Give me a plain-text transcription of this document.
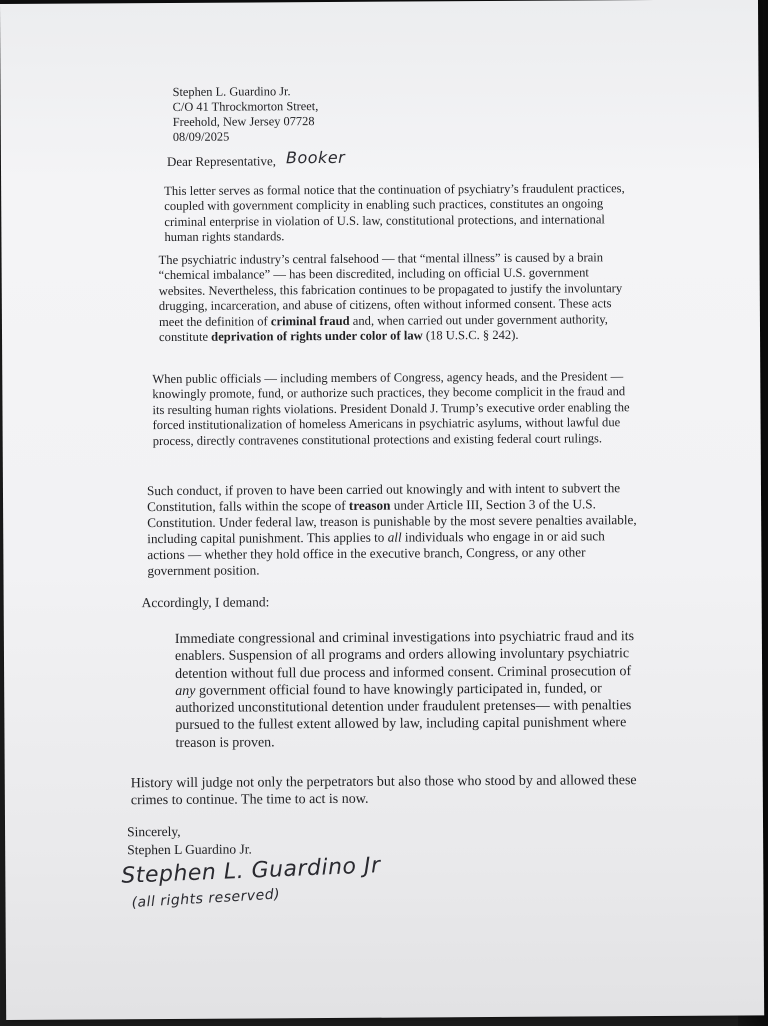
Stephen L. Guardino Jr.
C/O 41 Throckmorton Street,
Freehold, New Jersey 07728
08/09/2025
Dear Representative, Booker

This letter serves as formal notice that the continuation of psychiatry’s fraudulent practices, coupled with government complicity in enabling such practices, constitutes an ongoing criminal enterprise in violation of U.S. law, constitutional protections, and international human rights standards.

The psychiatric industry’s central falsehood — that “mental illness” is caused by a brain “chemical imbalance” — has been discredited, including on official U.S. government websites. Nevertheless, this fabrication continues to be propagated to justify the involuntary drugging, incarceration, and abuse of citizens, often without informed consent. These acts meet the definition of criminal fraud and, when carried out under government authority, constitute deprivation of rights under color of law (18 U.S.C. § 242).

When public officials — including members of Congress, agency heads, and the President — knowingly promote, fund, or authorize such practices, they become complicit in the fraud and its resulting human rights violations. President Donald J. Trump’s executive order enabling the forced institutionalization of homeless Americans in psychiatric asylums, without lawful due process, directly contravenes constitutional protections and existing federal court rulings.

Such conduct, if proven to have been carried out knowingly and with intent to subvert the Constitution, falls within the scope of treason under Article III, Section 3 of the U.S. Constitution. Under federal law, treason is punishable by the most severe penalties available, including capital punishment. This applies to all individuals who engage in or aid such actions — whether they hold office in the executive branch, Congress, or any other government position.

Accordingly, I demand:

Immediate congressional and criminal investigations into psychiatric fraud and its enablers. Suspension of all programs and orders allowing involuntary psychiatric detention without full due process and informed consent. Criminal prosecution of any government official found to have knowingly participated in, funded, or authorized unconstitutional detention under fraudulent pretenses— with penalties pursued to the fullest extent allowed by law, including capital punishment where treason is proven.

History will judge not only the perpetrators but also those who stood by and allowed these crimes to continue. The time to act is now.

Sincerely,
Stephen L Guardino Jr.
Stephen L. Guardino Jr
(all rights reserved)
